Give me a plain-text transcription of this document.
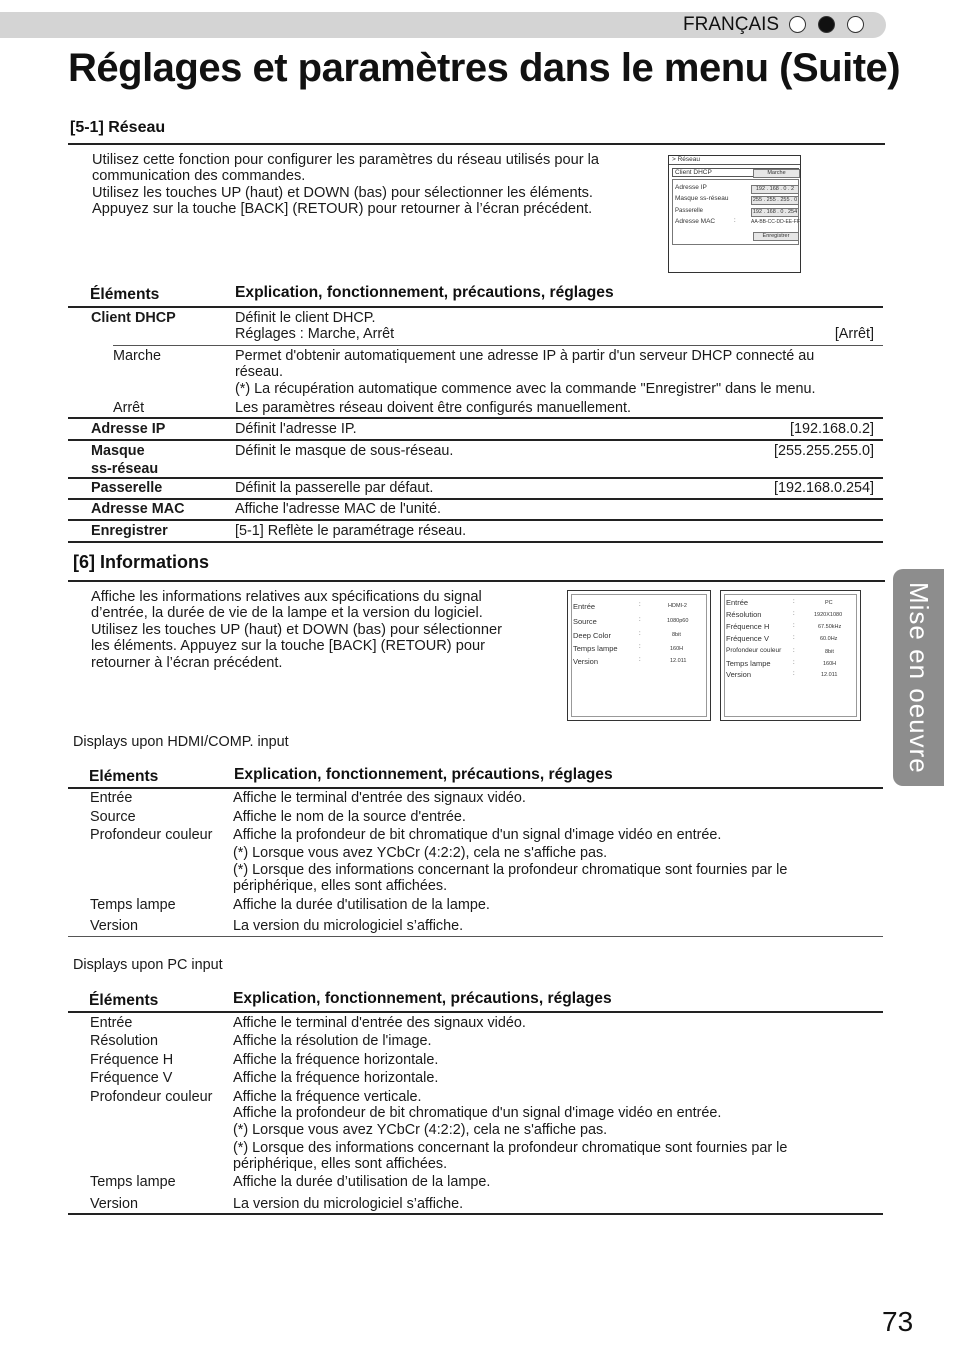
FRANÇAIS
Réglages et paramètres dans le menu (Suite)
[5-1] Réseau
Utilisez cette fonction pour configurer les paramètres du réseau utilisés pour la
communication des commandes.
Utilisez les touches UP (haut) et DOWN (bas) pour sélectionner les éléments.
Appuyez sur la touche [BACK] (RETOUR) pour retourner à l’écran précédent.
> Réseau
Client DHCP	Marche
Adresse IP	192 . 168 . 0 . 2
Masque ss-réseau	255 . 255 . 255 . 0
Passerelle	192 . 168 . 0 . 254
Adresse MAC	:	AA-BB-CC-DD-EE-FF
Enregistrer
Éléments	Explication, fonctionnement, précautions, réglages
Client DHCP	Définit le client DHCP.
Réglages : Marche, Arrêt	[Arrêt]
Marche	Permet d'obtenir automatiquement une adresse IP à partir d'un serveur DHCP connecté au
réseau.
(*) La récupération automatique commence avec la commande "Enregistrer" dans le menu.
Arrêt	Les paramètres réseau doivent être configurés manuellement.
Adresse IP	Définit l'adresse IP.	[192.168.0.2]
Masque
ss-réseau
Définit le masque de sous-réseau.	[255.255.255.0]
Passerelle	Définit la passerelle par défaut.	[192.168.0.254]
Adresse MAC	Affiche l'adresse MAC de l'unité.
Enregistrer	[5-1] Reflète le paramétrage réseau.
[6] Informations
Affiche les informations relatives aux spécifications du signal
d’entrée, la durée de vie de la lampe et la version du logiciel.
Utilisez les touches UP (haut) et DOWN (bas) pour sélectionner
les éléments. Appuyez sur la touche [BACK] (RETOUR) pour
retourner à l’écran précédent.
Entrée	:	HDMI-2
Source	:	1080p60
Deep Color	:	8bit
Temps lampe	:	160H
Version	:	12.011
Entrée	:	PC
Résolution	:	1920X1080
Fréquence H	:	67.50kHz
Fréquence V	:	60.0Hz
Profondeur couleur :	8bit
Temps lampe	:	160H
Version	:	12.011
Displays upon HDMI/COMP. input
Eléments	Explication, fonctionnement, précautions, réglages
Entrée	Affiche le terminal d'entrée des signaux vidéo.
Source	Affiche le nom de la source d'entrée.
Profondeur couleur Affiche la profondeur de bit chromatique d'un signal d'image vidéo en entrée.
(*) Lorsque vous avez YCbCr (4:2:2), cela ne s'affiche pas.
(*) Lorsque des informations concernant la profondeur chromatique sont fournies par le
périphérique, elles sont affichées.
Temps lampe	Affiche la durée d'utilisation de la lampe.
Version	La version du micrologiciel s’affiche.
Displays upon PC input
Éléments	Explication, fonctionnement, précautions, réglages
Entrée	Affiche le terminal d'entrée des signaux vidéo.
Résolution	Affiche la résolution de l'image.
Fréquence H	Affiche la fréquence horizontale.
Fréquence V	Affiche la fréquence horizontale.
Profondeur couleur Affiche la fréquence verticale.
Affiche la profondeur de bit chromatique d'un signal d'image vidéo en entrée.
(*) Lorsque vous avez YCbCr (4:2:2), cela ne s'affiche pas.
(*) Lorsque des informations concernant la profondeur chromatique sont fournies par le
périphérique, elles sont affichées.
Temps lampe	Affiche la durée d’utilisation de la lampe.
Version	La version du micrologiciel s’affiche.
Mise en oeuvre
73
